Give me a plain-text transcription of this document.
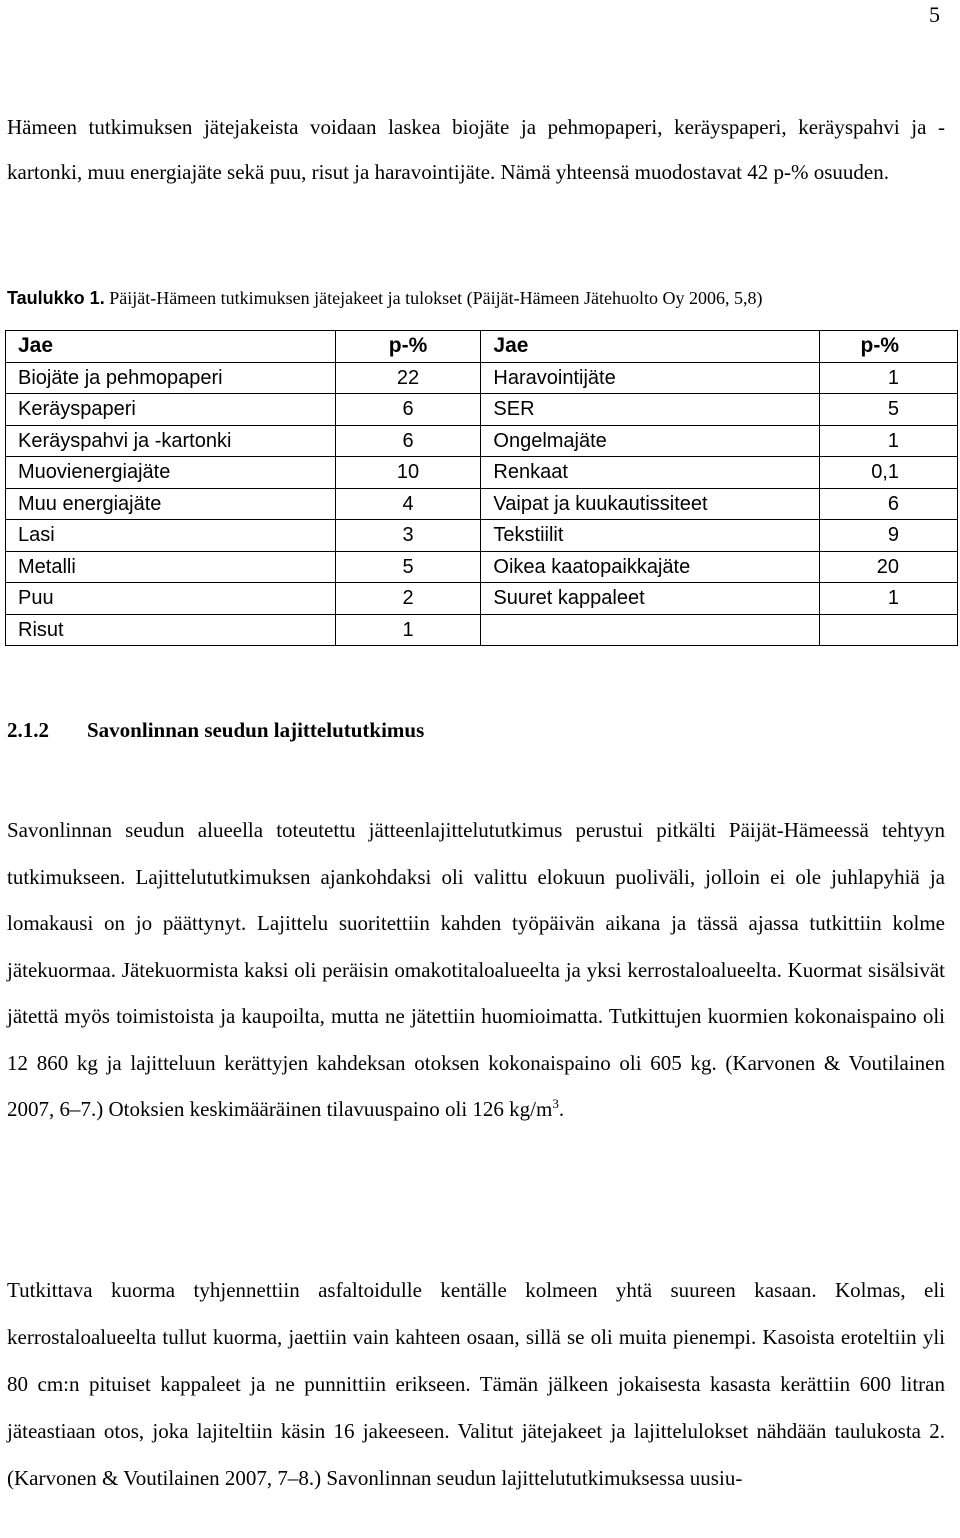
5

Hämeen tutkimuksen jätejakeista voidaan laskea biojäte ja pehmopaperi, keräyspaperi, keräyspahvi ja -kartonki, muu energiajäte sekä puu, risut ja haravointijäte. Nämä yhteensä muodostavat 42 p-% osuuden.

Taulukko 1. Päijät-Hämeen tutkimuksen jätejakeet ja tulokset (Päijät-Hämeen Jätehuolto Oy 2006, 5,8)
Jae	p-%	Jae	p-%
Biojäte ja pehmopaperi	22	Haravointijäte	1
Keräyspaperi	6	SER	5
Keräyspahvi ja -kartonki	6	Ongelmajäte	1
Muovienergiajäte	10	Renkaat	0,1
Muu energiajäte	4	Vaipat ja kuukautissiteet	6
Lasi	3	Tekstiilit	9
Metalli	5	Oikea kaatopaikkajäte	20
Puu	2	Suuret kappaleet	1
Risut	1		
2.1.2 Savonlinnan seudun lajittelututkimus

Savonlinnan seudun alueella toteutettu jätteenlajittelututkimus perustui pitkälti Päijät-Hämeessä tehtyyn tutkimukseen. Lajittelututkimuksen ajankohdaksi oli valittu elokuun puoliväli, jolloin ei ole juhlapyhiä ja lomakausi on jo päättynyt. Lajittelu suoritettiin kahden työpäivän aikana ja tässä ajassa tutkittiin kolme jätekuormaa. Jätekuormista kaksi oli peräisin omakotitaloalueelta ja yksi kerrostaloalueelta. Kuormat sisälsivät jätettä myös toimistoista ja kaupoilta, mutta ne jätettiin huomioimatta. Tutkittujen kuormien kokonaispaino oli 12 860 kg ja lajitteluun kerättyjen kahdeksan otoksen kokonaispaino oli 605 kg. (Karvonen & Voutilainen 2007, 6–7.) Otoksien keskimääräinen tilavuuspaino oli 126 $kg/m^3$.

Tutkittava kuorma tyhjennettiin asfaltoidulle kentälle kolmeen yhtä suureen kasaan. Kolmas, eli kerrostaloalueelta tullut kuorma, jaettiin vain kahteen osaan, sillä se oli muita pienempi. Kasoista eroteltiin yli 80 cm:n pituiset kappaleet ja ne punnittiin erikseen. Tämän jälkeen jokaisesta kasasta kerättiin 600 litran jäteastiaan otos, joka lajiteltiin käsin 16 jakeeseen. Valitut jätejakeet ja lajittelulokset nähdään taulukosta 2. (Karvonen & Voutilainen 2007, 7–8.) Savonlinnan seudun lajittelututkimuksessa uusiu-
